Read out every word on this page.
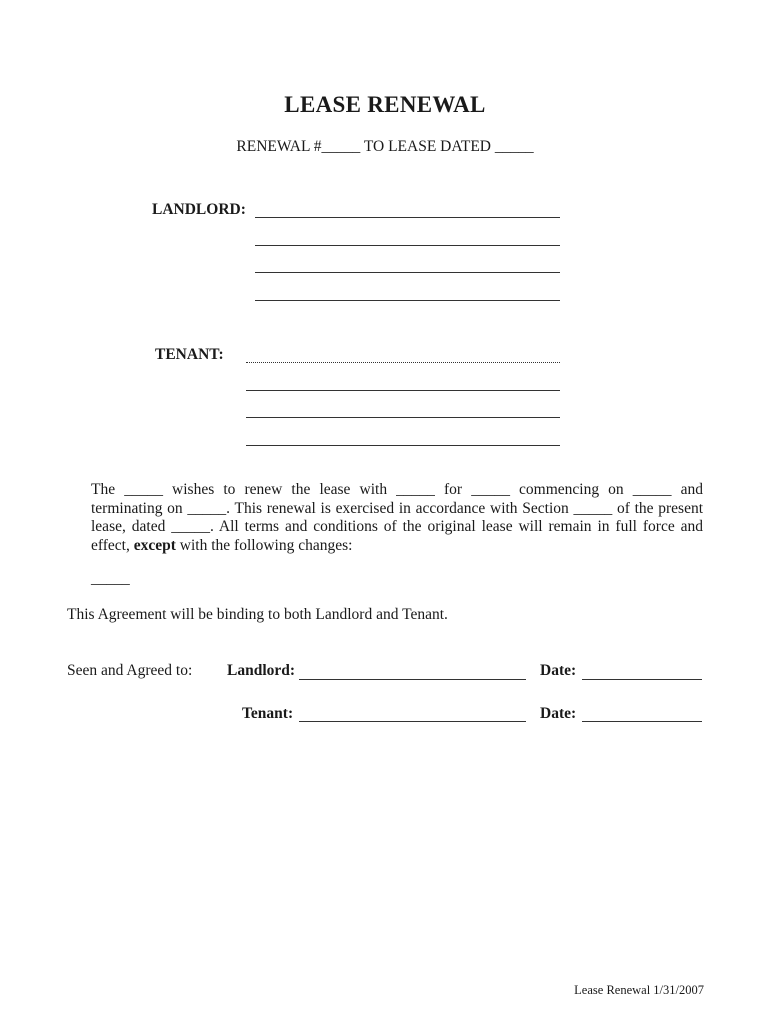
LEASE RENEWAL
RENEWAL #_____ TO LEASE DATED _____
LANDLORD:
TENANT:
The _____ wishes to renew the lease with _____ for _____ commencing on _____ and terminating on _____. This renewal is exercised in accordance with Section _____ of the present lease, dated _____. All terms and conditions of the original lease will remain in full force and effect, except with the following changes:
_____
This Agreement will be binding to both Landlord and Tenant.
Seen and Agreed to: Landlord:	Date:
Tenant:	Date:
Lease Renewal 1/31/2007
